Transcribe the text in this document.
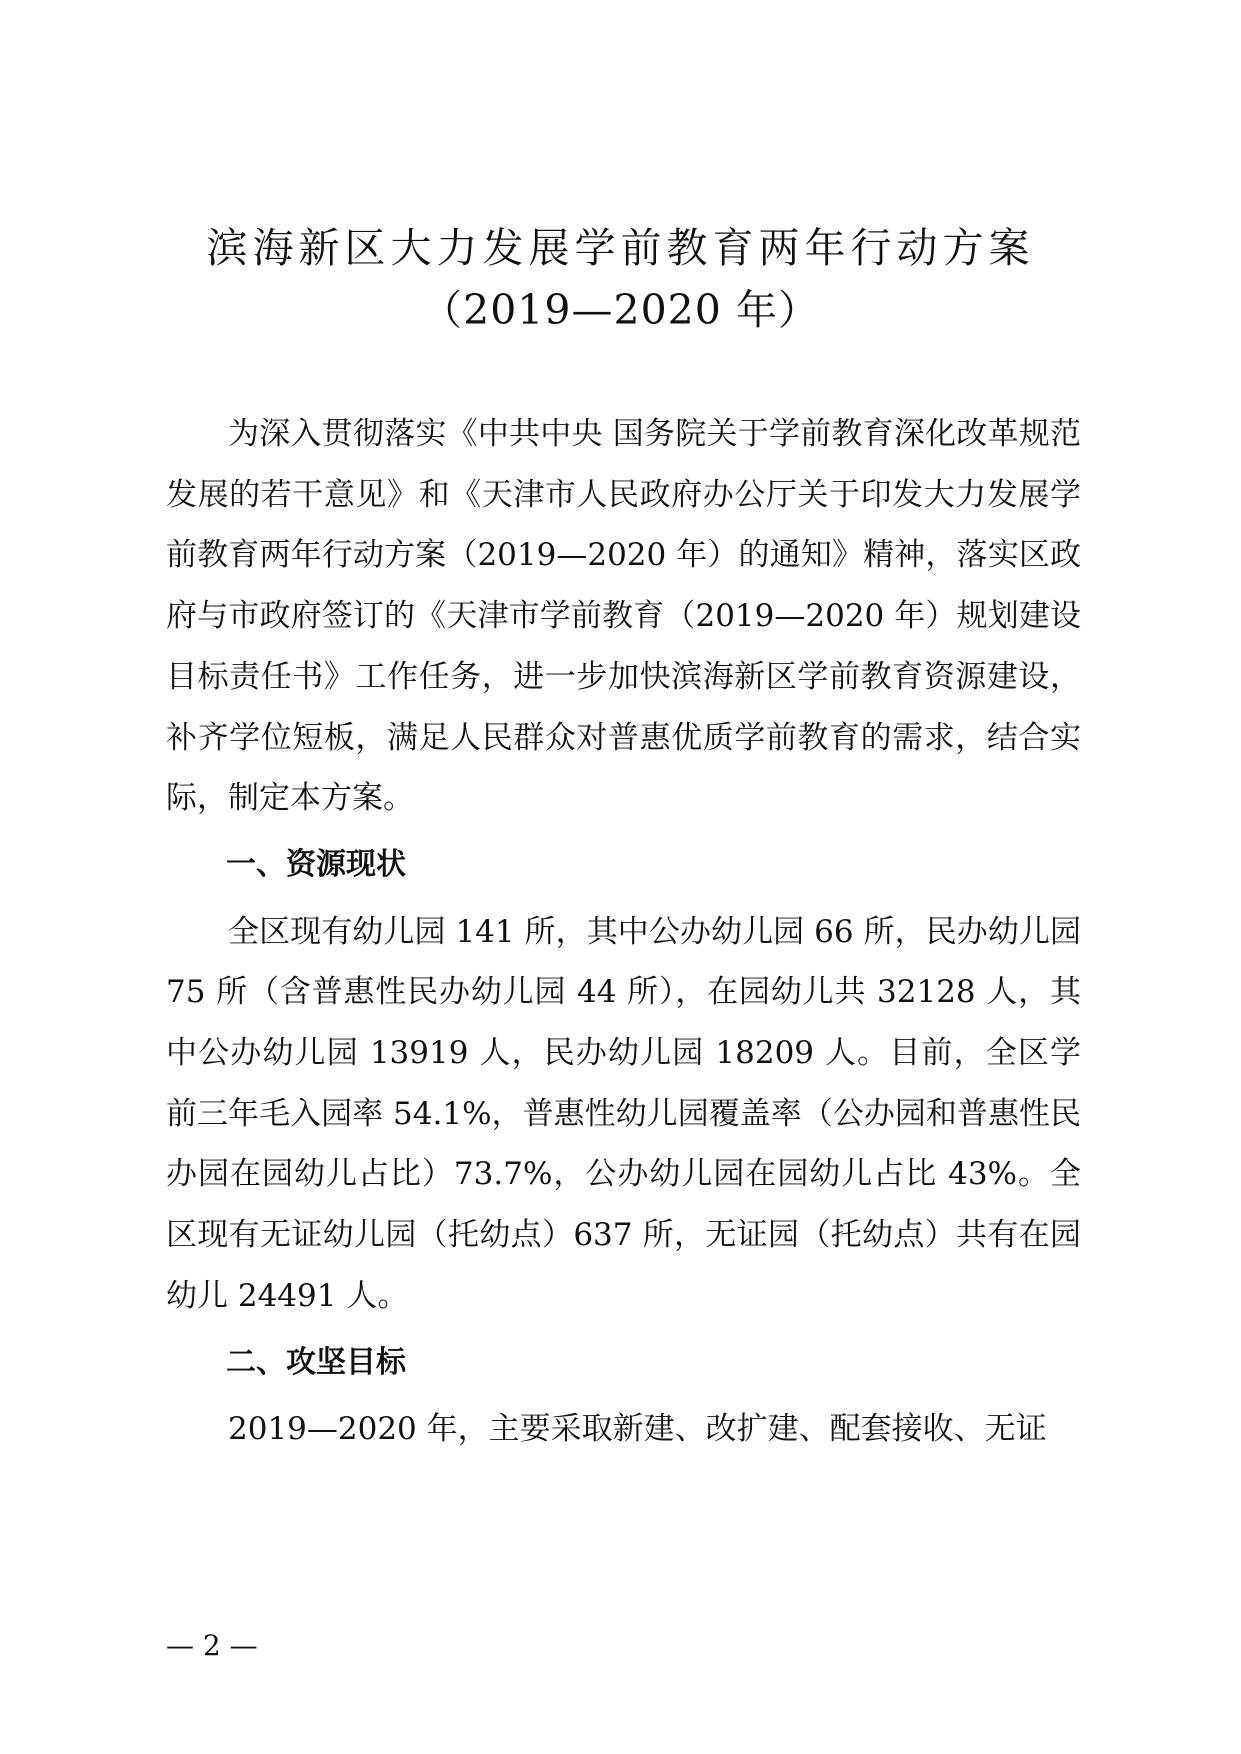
滨海新区大力发展学前教育两年行动方案
（2019—2020 年）

为深入贯彻落实《中共中央 国务院关于学前教育深化改革规范发展的若干意见》和《天津市人民政府办公厅关于印发大力发展学前教育两年行动方案（2019—2020 年）的通知》精神，落实区政府与市政府签订的《天津市学前教育（2019—2020 年）规划建设目标责任书》工作任务，进一步加快滨海新区学前教育资源建设，补齐学位短板，满足人民群众对普惠优质学前教育的需求，结合实际，制定本方案。

一、资源现状

全区现有幼儿园 141 所，其中公办幼儿园 66 所，民办幼儿园 75 所（含普惠性民办幼儿园 44 所），在园幼儿共 32128 人，其中公办幼儿园 13919 人，民办幼儿园 18209 人。目前，全区学前三年毛入园率 54.1%，普惠性幼儿园覆盖率（公办园和普惠性民办园在园幼儿占比）73.7%，公办幼儿园在园幼儿占比 43%。全区现有无证幼儿园（托幼点）637 所，无证园（托幼点）共有在园幼儿 24491 人。

二、攻坚目标

2019—2020 年，主要采取新建、改扩建、配套接收、无证

— 2 —
